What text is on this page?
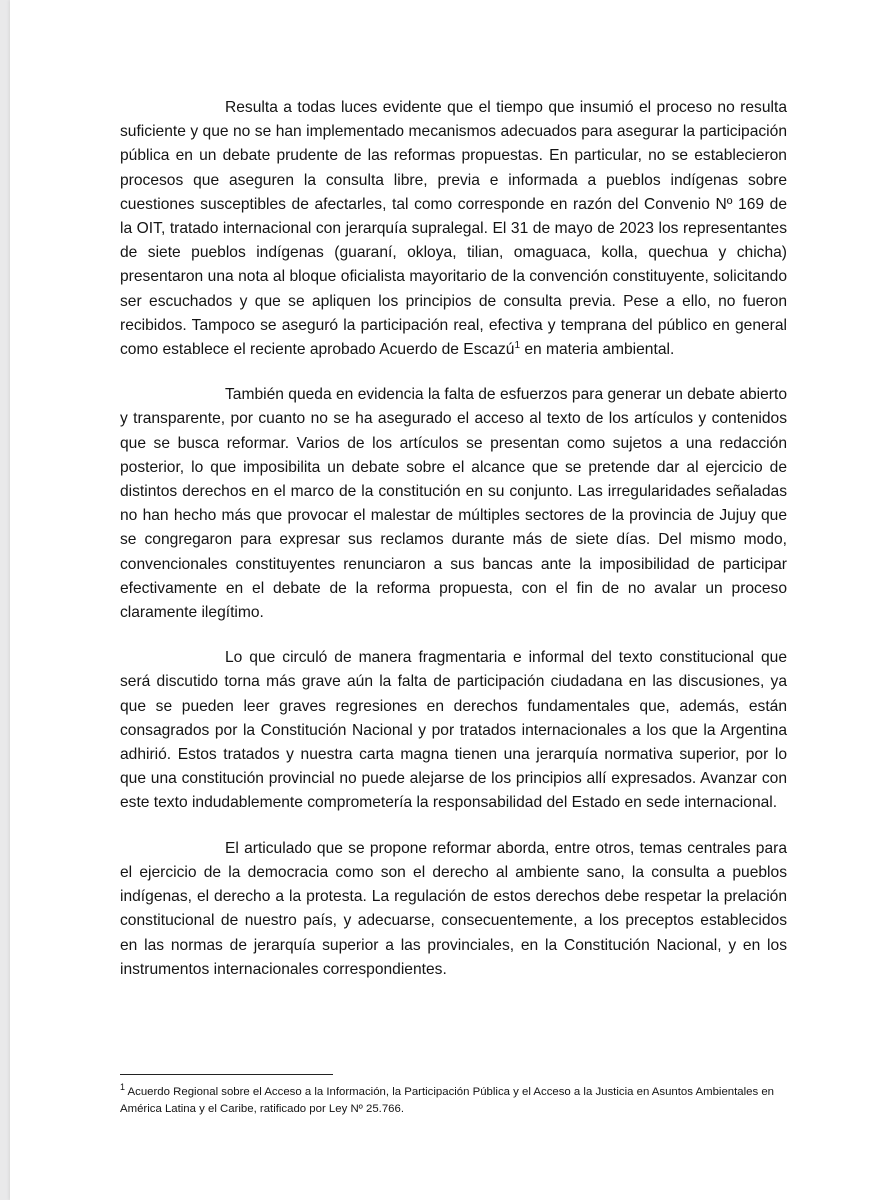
Resulta a todas luces evidente que el tiempo que insumió el proceso no resulta suficiente y que no se han implementado mecanismos adecuados para asegurar la participación pública en un debate prudente de las reformas propuestas. En particular, no se establecieron procesos que aseguren la consulta libre, previa e informada a pueblos indígenas sobre cuestiones susceptibles de afectarles, tal como corresponde en razón del Convenio Nº 169 de la OIT, tratado internacional con jerarquía supralegal. El 31 de mayo de 2023 los representantes de siete pueblos indígenas (guaraní, okloya, tilian, omaguaca, kolla, quechua y chicha) presentaron una nota al bloque oficialista mayoritario de la convención constituyente, solicitando ser escuchados y que se apliquen los principios de consulta previa. Pese a ello, no fueron recibidos. Tampoco se aseguró la participación real, efectiva y temprana del público en general como establece el reciente aprobado Acuerdo de Escazú$^1$ en materia ambiental.

También queda en evidencia la falta de esfuerzos para generar un debate abierto y transparente, por cuanto no se ha asegurado el acceso al texto de los artículos y contenidos que se busca reformar. Varios de los artículos se presentan como sujetos a una redacción posterior, lo que imposibilita un debate sobre el alcance que se pretende dar al ejercicio de distintos derechos en el marco de la constitución en su conjunto. Las irregularidades señaladas no han hecho más que provocar el malestar de múltiples sectores de la provincia de Jujuy que se congregaron para expresar sus reclamos durante más de siete días. Del mismo modo, convencionales constituyentes renunciaron a sus bancas ante la imposibilidad de participar efectivamente en el debate de la reforma propuesta, con el fin de no avalar un proceso claramente ilegítimo.

Lo que circuló de manera fragmentaria e informal del texto constitucional que será discutido torna más grave aún la falta de participación ciudadana en las discusiones, ya que se pueden leer graves regresiones en derechos fundamentales que, además, están consagrados por la Constitución Nacional y por tratados internacionales a los que la Argentina adhirió. Estos tratados y nuestra carta magna tienen una jerarquía normativa superior, por lo que una constitución provincial no puede alejarse de los principios allí expresados. Avanzar con este texto indudablemente comprometería la responsabilidad del Estado en sede internacional.

El articulado que se propone reformar aborda, entre otros, temas centrales para el ejercicio de la democracia como son el derecho al ambiente sano, la consulta a pueblos indígenas, el derecho a la protesta. La regulación de estos derechos debe respetar la prelación constitucional de nuestro país, y adecuarse, consecuentemente, a los preceptos establecidos en las normas de jerarquía superior a las provinciales, en la Constitución Nacional, y en los instrumentos internacionales correspondientes.

$^1$ Acuerdo Regional sobre el Acceso a la Información, la Participación Pública y el Acceso a la Justicia en Asuntos Ambientales en América Latina y el Caribe, ratificado por Ley Nº 25.766.
